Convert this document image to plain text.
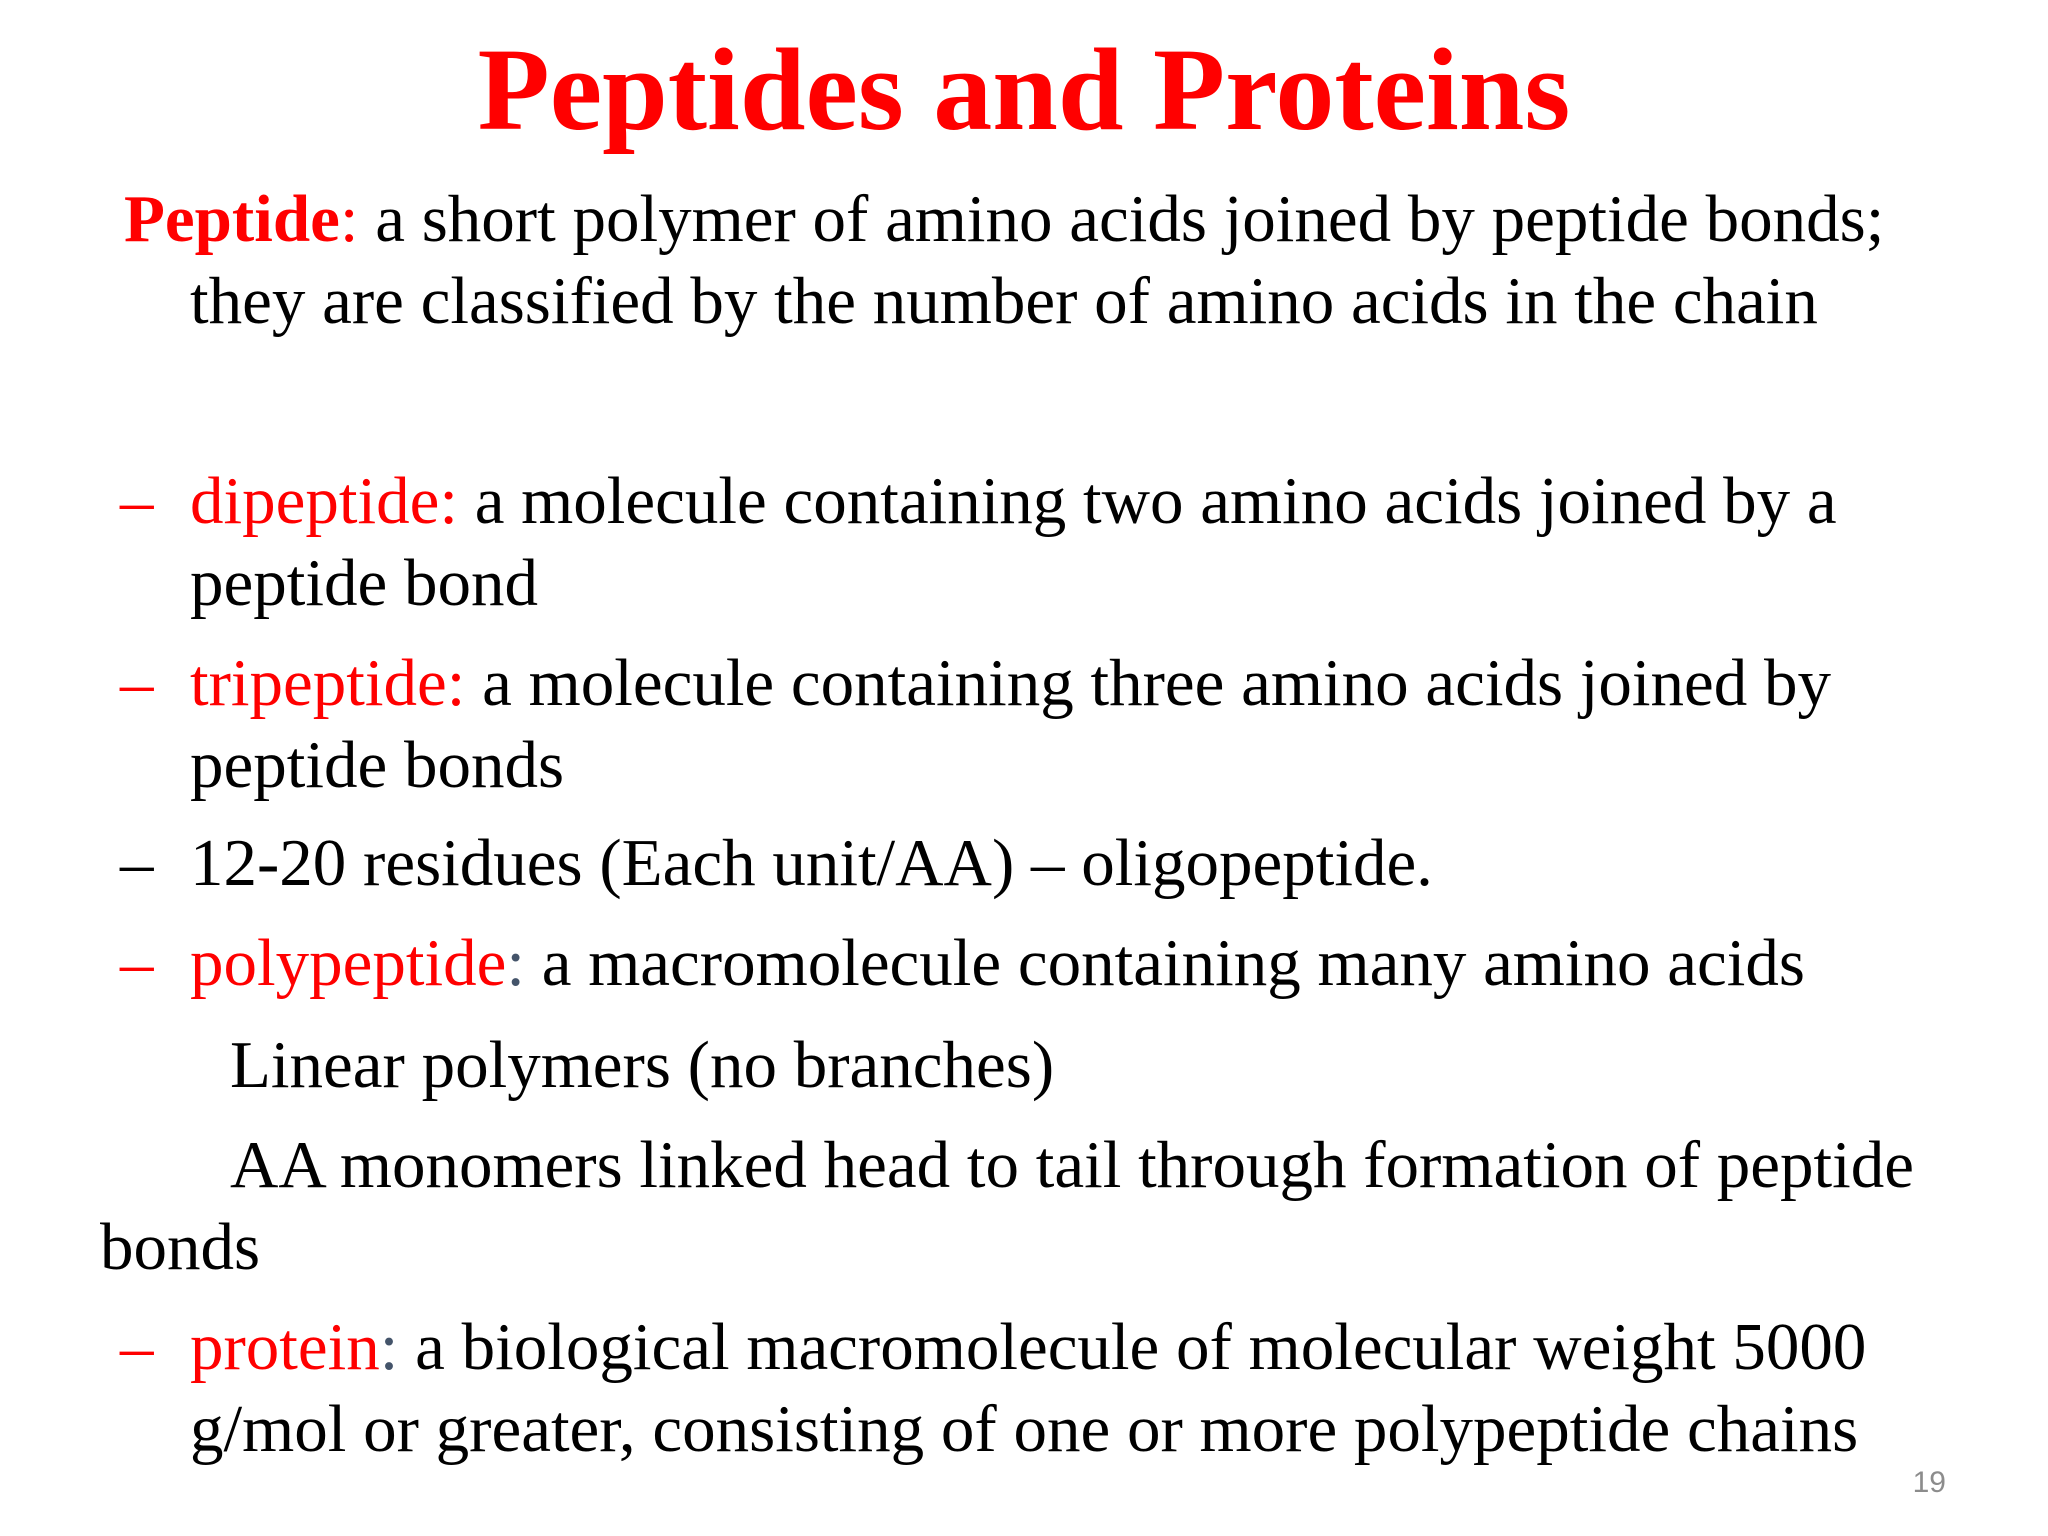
Peptides and Proteins
Peptide: a short polymer of amino acids joined by peptide bonds;
they are classified by the number of amino acids in the chain
– dipeptide: a molecule containing two amino acids joined by a
peptide bond
– tripeptide: a molecule containing three amino acids joined by
peptide bonds
– 12-20 residues (Each unit/AA) – oligopeptide.
– polypeptide: a macromolecule containing many amino acids
Linear polymers (no branches)
AA monomers linked head to tail through formation of peptide
bonds
– protein: a biological macromolecule of molecular weight 5000
g/mol or greater, consisting of one or more polypeptide chains
19
